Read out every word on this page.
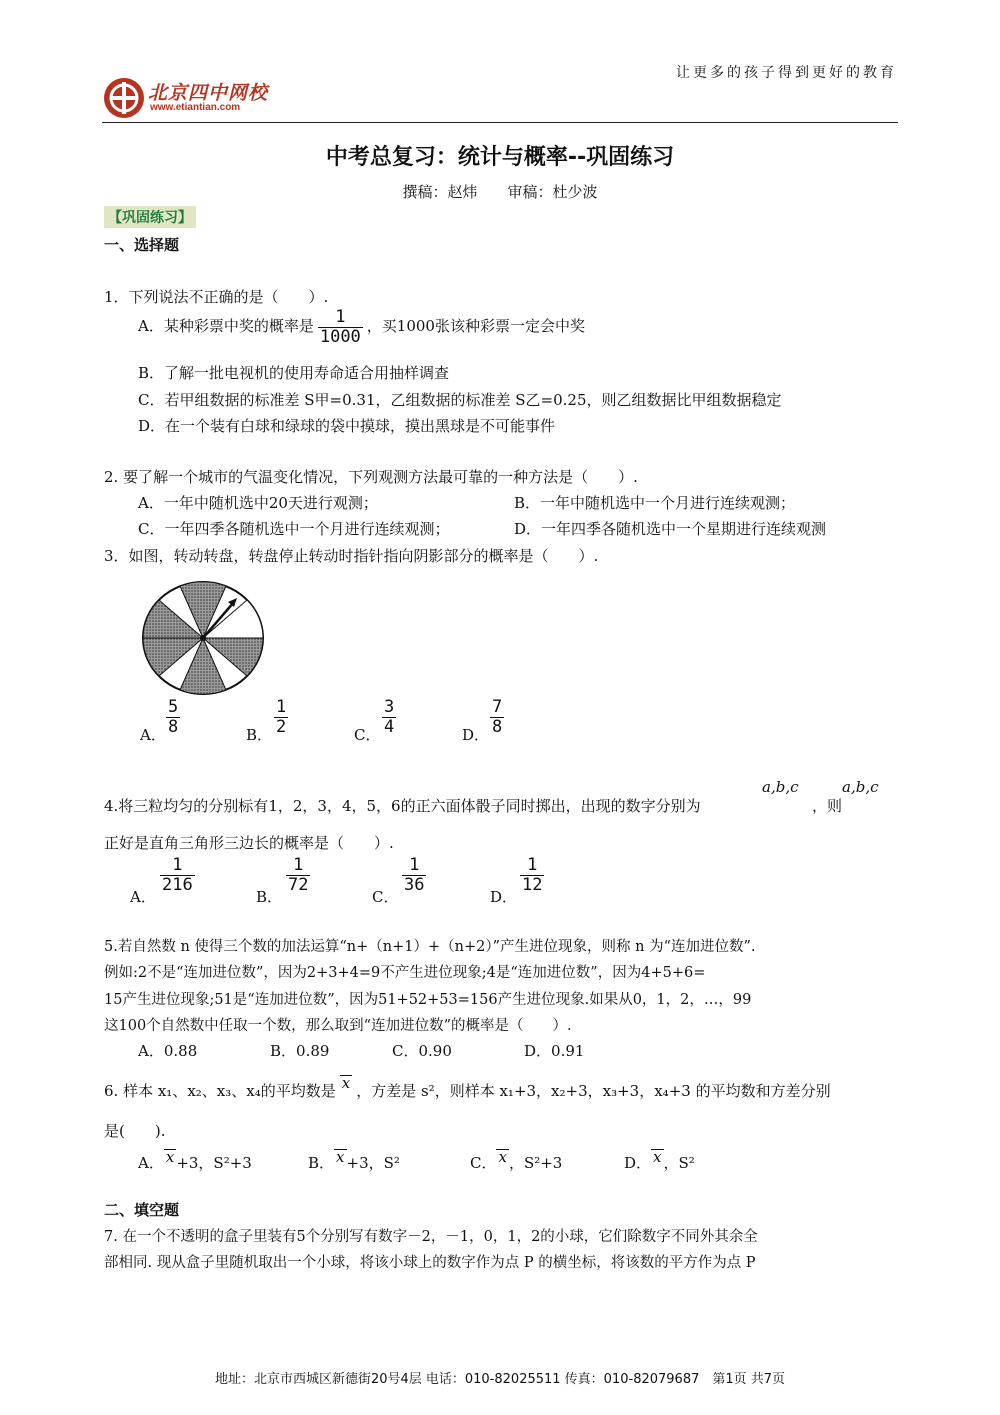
北京四中网校
www.etiantian.com
让更多的孩子得到更好的教育
中考总复习：统计与概率--巩固练习
撰稿：赵炜　　审稿：杜少波
【巩固练习】
一、选择题
1．下列说法不正确的是（　　）.
A．某种彩票中奖的概率是 $\frac{1}{1000}$ ，买1000张该种彩票一定会中奖
B．了解一批电视机的使用寿命适合用抽样调查
C．若甲组数据的标准差 S甲=0.31，乙组数据的标准差 S乙=0.25，则乙组数据比甲组数据稳定
D．在一个装有白球和绿球的袋中摸球，摸出黑球是不可能事件
2. 要了解一个城市的气温变化情况，下列观测方法最可靠的一种方法是（　　）.
A．一年中随机选中20天进行观测；	B．一年中随机选中一个月进行连续观测；
C．一年四季各随机选中一个月进行连续观测；	D．一年四季各随机选中一个星期进行连续观测
3．如图，转动转盘，转盘停止转动时指针指向阴影部分的概率是（　　）.
A． $\frac{5}{8}$	B． $\frac{1}{2}$	C． $\frac{3}{4}$	D． $\frac{7}{8}$
4.将三粒均匀的分别标有1，2，3，4，5，6的正六面体骰子同时掷出，出现的数字分别为
a,b,c
，则
a,b,c
正好是直角三角形三边长的概率是（　　）.
A．
$\frac{1}{216}$
B．
$\frac{1}{72}$
C．
$\frac{1}{36}$
D．
$\frac{1}{12}$
5.若自然数 n 使得三个数的加法运算“n+（n+1）+（n+2）”产生进位现象，则称 n 为“连加进位数”.
例如:2不是“连加进位数”，因为2+3+4=9不产生进位现象;4是“连加进位数”，因为4+5+6=
15产生进位现象;51是“连加进位数”，因为51+52+53=156产生进位现象.如果从0，1，2，…，99
这100个自然数中任取一个数，那么取到“连加进位数”的概率是（　　）.
A．0.88	B．0.89	C．0.90	D．0.91
6. 样本 x₁、x₂、x₃、x₄的平均数是 x ，方差是 s²，则样本 x₁+3，x₂+3，x₃+3，x₄+3 的平均数和方差分别
是(　　).
A． x +3，S²+3	B． x +3，S²	C． x ，S²+3	D． x ，S²
二、填空题
7. 在一个不透明的盒子里装有5个分别写有数字－2，－1，0，1，2的小球，它们除数字不同外其余全
部相同. 现从盒子里随机取出一个小球，将该小球上的数字作为点 P 的横坐标，将该数的平方作为点 P
地址：北京市西城区新德街20号4层 电话：010-82025511 传真：010-82079687　第1页 共7页
